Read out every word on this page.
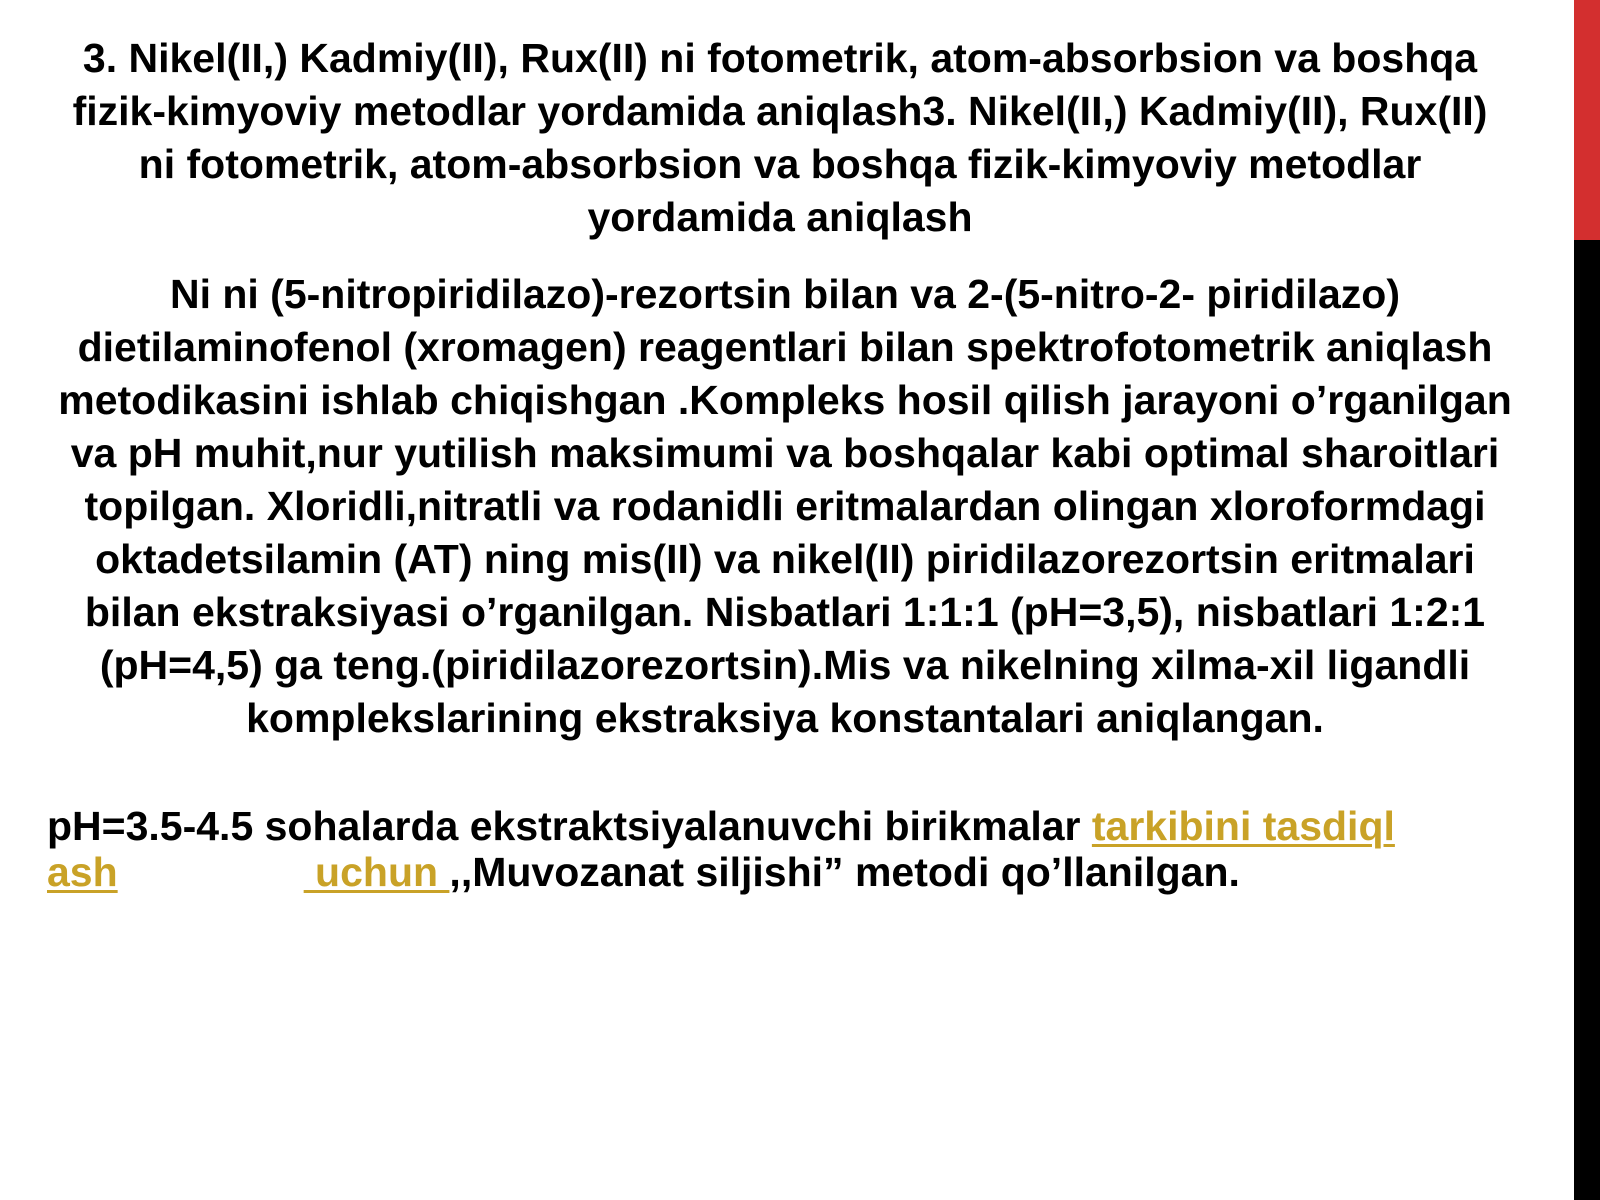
3. Nikel(II,) Kadmiy(II), Rux(II) ni fotometrik, atom-absorbsion va boshqa fizik-kimyoviy metodlar yordamida aniqlash3. Nikel(II,) Kadmiy(II), Rux(II) ni fotometrik, atom-absorbsion va boshqa fizik-kimyoviy metodlar yordamida aniqlash

Ni ni (5-nitropiridilazo)-rezortsin bilan va 2-(5-nitro-2- piridilazo) dietilaminofenol (xromagen) reagentlari bilan spektrofotometrik aniqlash metodikasini ishlab chiqishgan .Kompleks hosil qilish jarayoni o’rganilgan va pH muhit,nur yutilish maksimumi va boshqalar kabi optimal sharoitlari topilgan. Xloridli,nitratli va rodanidli eritmalardan olingan xloroformdagi oktadetsilamin (AT) ning mis(II) va nikel(II) piridilazorezortsin eritmalari bilan ekstraksiyasi o’rganilgan. Nisbatlari 1:1:1 (pH=3,5), nisbatlari 1:2:1 (pH=4,5) ga teng.(piridilazorezortsin).Mis va nikelning xilma-xil ligandli komplekslarining ekstraksiya konstantalari aniqlangan.

pH=3.5-4.5 sohalarda ekstraktsiyalanuvchi birikmalar tarkibini tasdiql
ash	uchun ,,Muvozanat siljishi” metodi qo’llanilgan.
